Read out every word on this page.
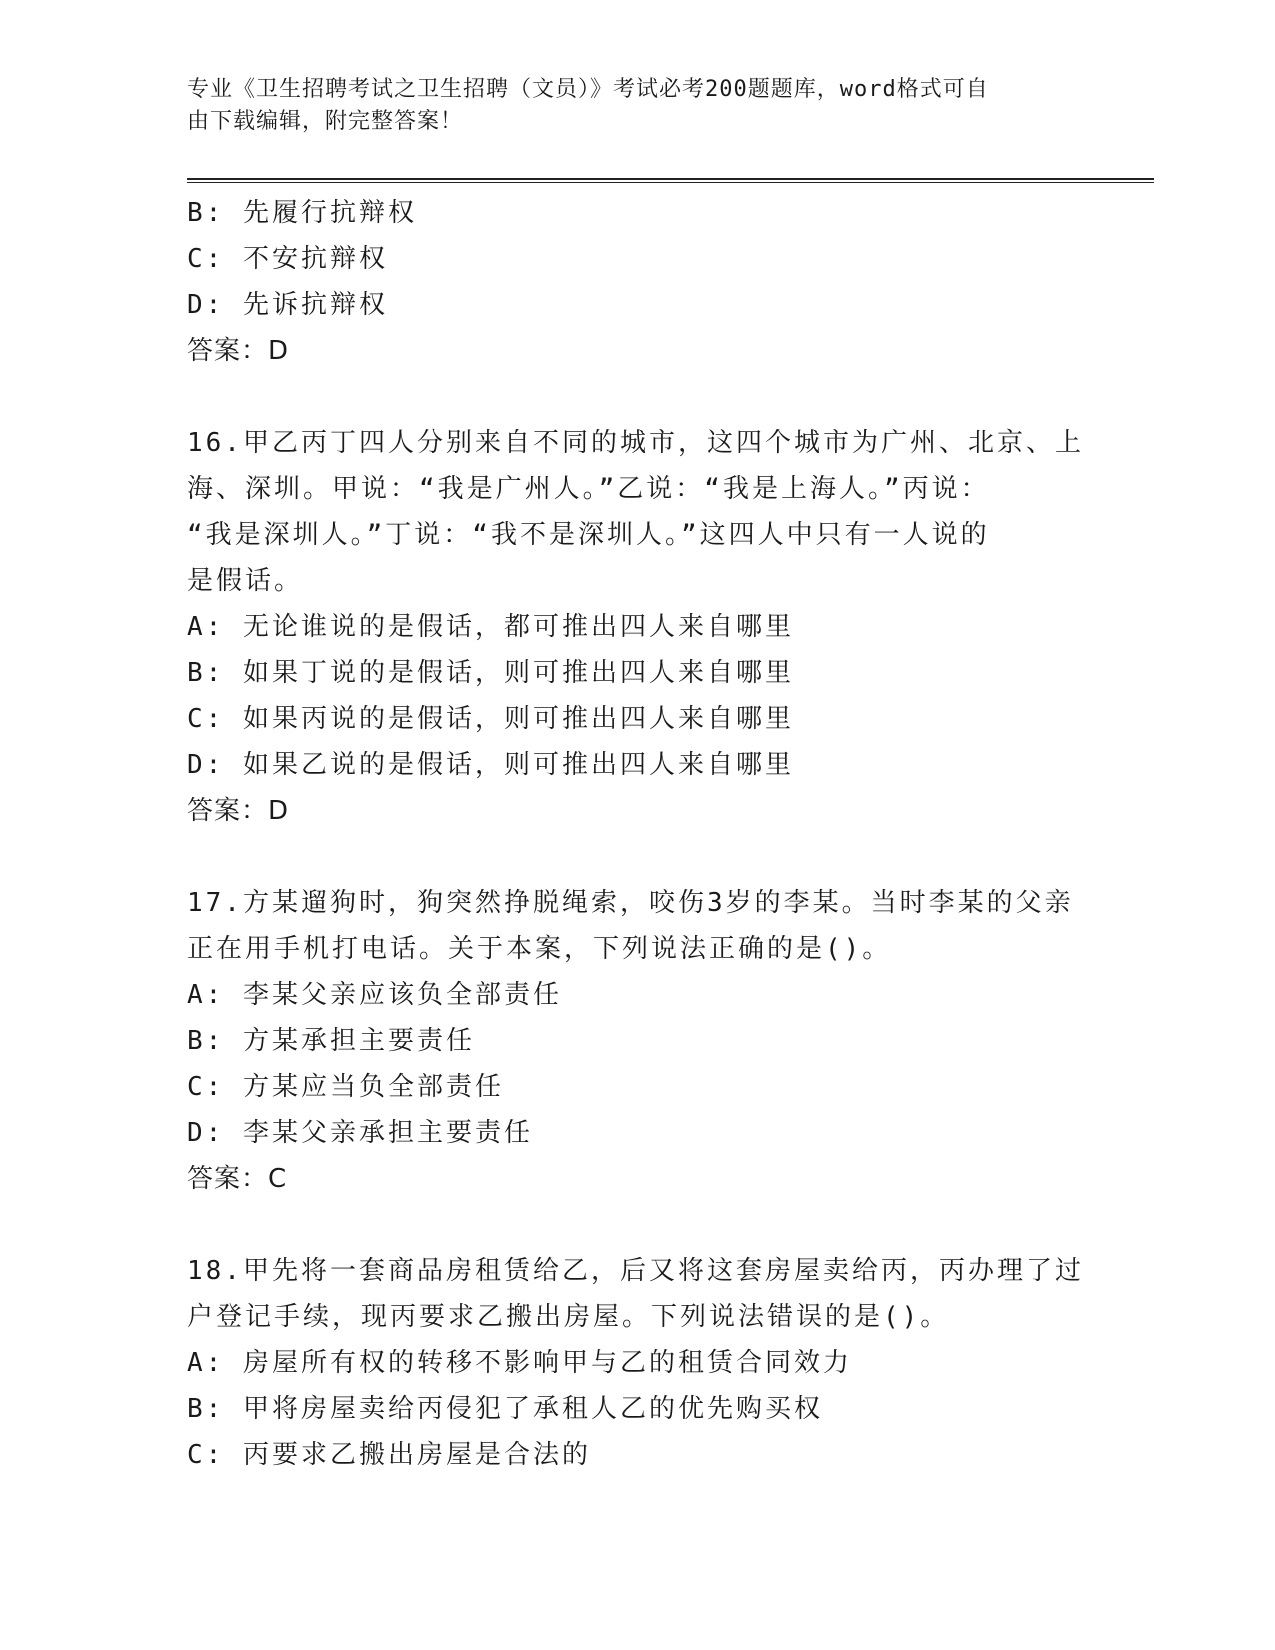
专业《卫生招聘考试之卫生招聘（文员）》考试必考200题题库，word格式可自
由下载编辑，附完整答案！
B: 先履行抗辩权
C: 不安抗辩权
D: 先诉抗辩权
答案：D
16.甲乙丙丁四人分别来自不同的城市，这四个城市为广州、北京、上
海、深圳。甲说：“我是广州人。”乙说：“我是上海人。”丙说：
“我是深圳人。”丁说：“我不是深圳人。”这四人中只有一人说的
是假话。
A: 无论谁说的是假话，都可推出四人来自哪里
B: 如果丁说的是假话，则可推出四人来自哪里
C: 如果丙说的是假话，则可推出四人来自哪里
D: 如果乙说的是假话，则可推出四人来自哪里
答案：D
17.方某遛狗时，狗突然挣脱绳索，咬伤3岁的李某。当时李某的父亲
正在用手机打电话。关于本案，下列说法正确的是()。
A: 李某父亲应该负全部责任
B: 方某承担主要责任
C: 方某应当负全部责任
D: 李某父亲承担主要责任
答案：C
18.甲先将一套商品房租赁给乙，后又将这套房屋卖给丙，丙办理了过
户登记手续，现丙要求乙搬出房屋。下列说法错误的是()。
A: 房屋所有权的转移不影响甲与乙的租赁合同效力
B: 甲将房屋卖给丙侵犯了承租人乙的优先购买权
C: 丙要求乙搬出房屋是合法的
